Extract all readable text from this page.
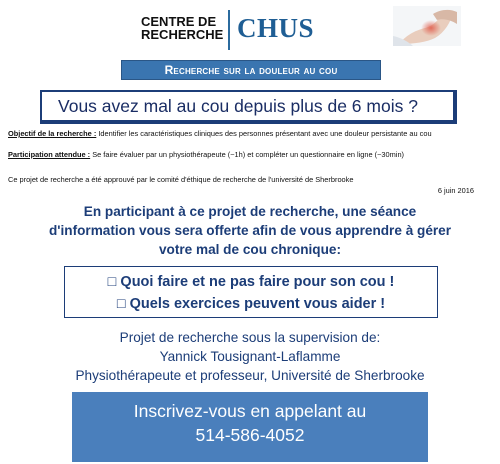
CENTRE DE
RECHERCHE CHUS
Recherche sur la douleur au cou
Vous avez mal au cou depuis plus de 6 mois ?
Objectif de la recherche : Identifier les caractéristiques cliniques des personnes présentant avec une douleur persistante au cou
Participation attendue : Se faire évaluer par un physiothérapeute (~1h) et compléter un questionnaire en ligne (~30min)
Ce projet de recherche a été approuvé par le comité d'éthique de recherche de l'université de Sherbrooke
6 juin 2016
En participant à ce projet de recherche, une séance
d'information vous sera offerte afin de vous apprendre à gérer
votre mal de cou chronique:
□ Quoi faire et ne pas faire pour son cou !
□ Quels exercices peuvent vous aider !
Projet de recherche sous la supervision de:
Yannick Tousignant-Laflamme
Physiothérapeute et professeur, Université de Sherbrooke
Inscrivez-vous en appelant au
514-586-4052
